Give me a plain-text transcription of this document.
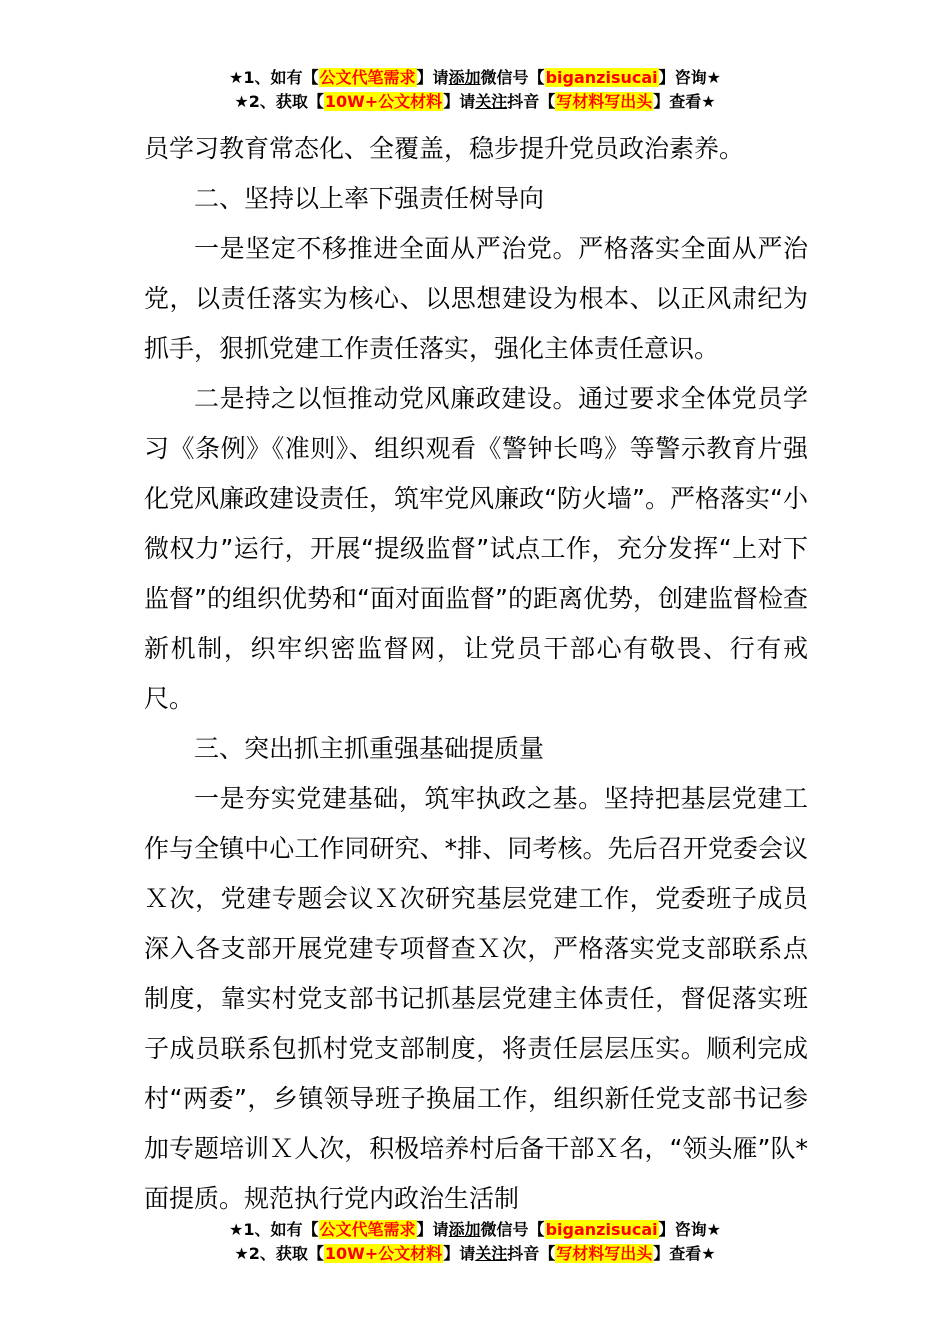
★1、如有【公文代笔需求】请添加微信号【biganzisucai】咨询★
★2、获取【10W+公文材料】请关注抖音【写材料写出头】查看★

员学习教育常态化、全覆盖，稳步提升党员政治素养。

二、坚持以上率下强责任树导向

一是坚定不移推进全面从严治党。严格落实全面从严治党，以责任落实为核心、以思想建设为根本、以正风肃纪为抓手，狠抓党建工作责任落实，强化主体责任意识。

二是持之以恒推动党风廉政建设。通过要求全体党员学习《条例》《准则》、组织观看《警钟长鸣》等警示教育片强化党风廉政建设责任，筑牢党风廉政“防火墙”。严格落实“小微权力”运行，开展“提级监督”试点工作，充分发挥“上对下监督”的组织优势和“面对面监督”的距离优势，创建监督检查新机制，织牢织密监督网，让党员干部心有敬畏、行有戒尺。

三、突出抓主抓重强基础提质量

一是夯实党建基础，筑牢执政之基。坚持把基层党建工作与全镇中心工作同研究、*排、同考核。先后召开党委会议Ｘ次，党建专题会议Ｘ次研究基层党建工作，党委班子成员深入各支部开展党建专项督查Ｘ次，严格落实党支部联系点制度，靠实村党支部书记抓基层党建主体责任，督促落实班子成员联系包抓村党支部制度，将责任层层压实。顺利完成村“两委”，乡镇领导班子换届工作，组织新任党支部书记参加专题培训Ｘ人次，积极培养村后备干部Ｘ名，“领头雁”队*面提质。规范执行党内政治生活制

★1、如有【公文代笔需求】请添加微信号【biganzisucai】咨询★
★2、获取【10W+公文材料】请关注抖音【写材料写出头】查看★
